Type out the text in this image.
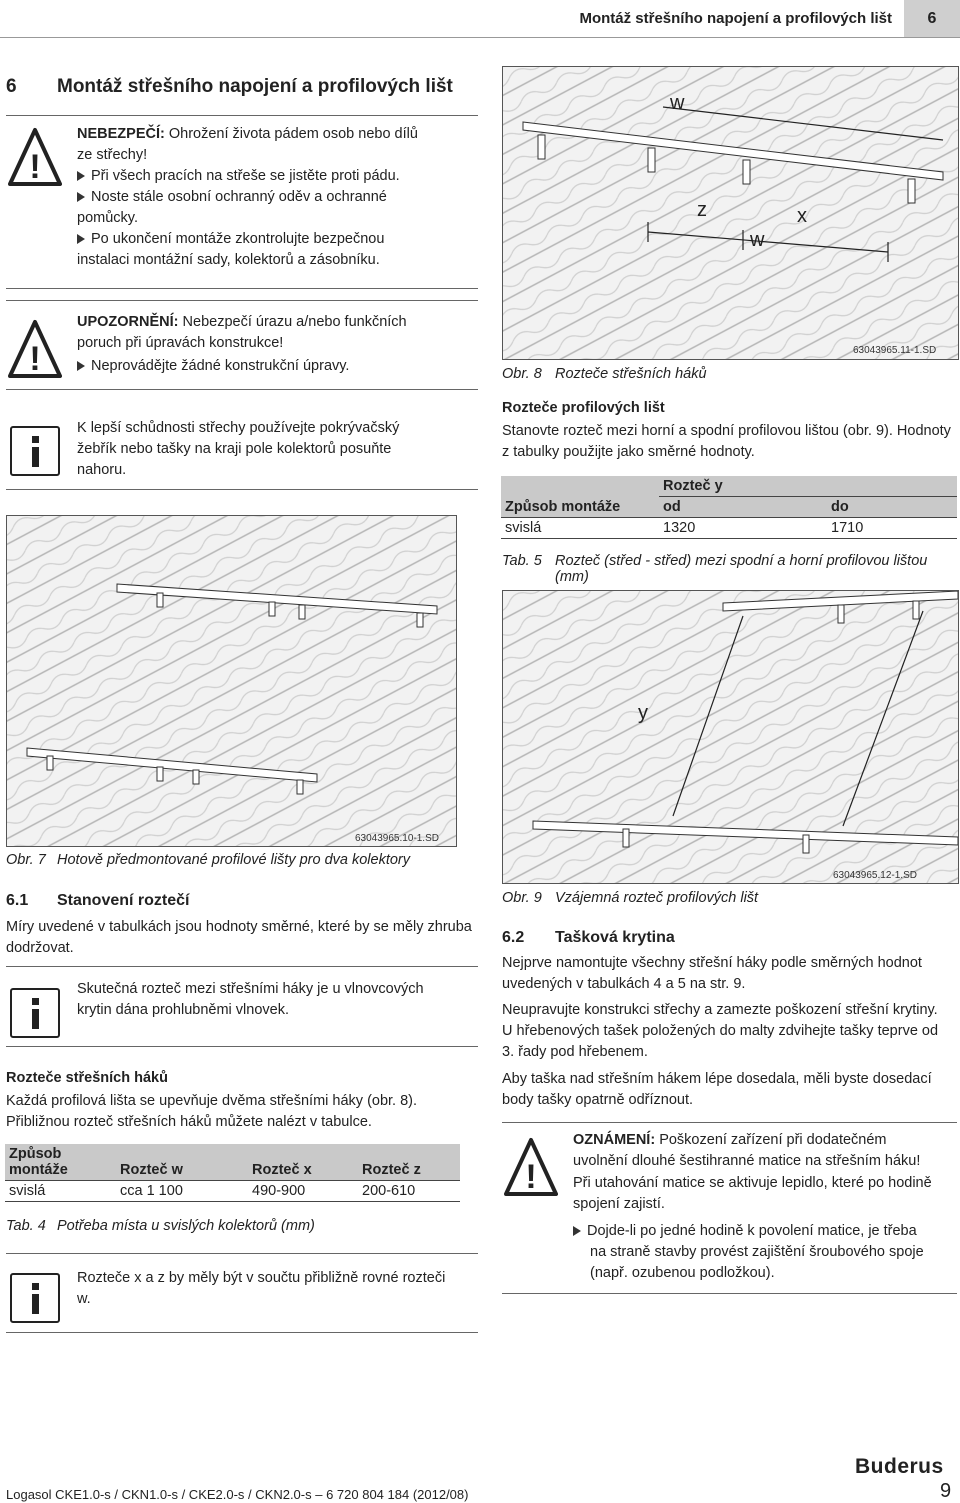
Montáž střešního napojení a profilových lišt	6
6 Montáž střešního napojení a profilových lišt
!
NEBEZPEČÍ: Ohrožení života pádem osob nebo dílů ze střechy!
Při všech pracích na střeše se jistěte proti pádu.
Noste stále osobní ochranný oděv a ochranné pomůcky.
Po ukončení montáže zkontrolujte bezpečnou instalaci montážní sady, kolektorů a zásobníku.
!
UPOZORNĚNÍ: Nebezpečí úrazu a/nebo funkčních poruch při úpravách konstrukce!
Neprovádějte žádné konstrukční úpravy.
K lepší schůdnosti střechy používejte pokrývačský žebřík nebo tašky na kraji pole kolektorů posuňte nahoru.
63043965.10-1.SD
Obr. 7 Hotově předmontované profilové lišty pro dva kolektory
6.1 Stanovení roztečí
Míry uvedené v tabulkách jsou hodnoty směrné, které by se měly zhruba dodržovat.
Skutečná rozteč mezi střešními háky je u vlnovcových krytin dána prohlubněmi vlnovek.
Rozteče střešních háků
Každá profilová lišta se upevňuje dvěma střešními háky (obr. 8). Přibližnou rozteč střešních háků můžete nalézt v tabulce.
Způsob montáže	Rozteč w	Rozteč x	Rozteč z
svislá	cca 1 100	490-900	200-610
Tab. 4 Potřeba místa u svislých kolektorů (mm)
Rozteče x a z by měly být v součtu přibližně rovné rozteči w.
w
z	x
w
63043965.11-1.SD
Obr. 8 Rozteče střešních háků
Rozteče profilových lišt
Stanovte rozteč mezi horní a spodní profilovou lištou (obr. 9). Hodnoty z tabulky použijte jako směrné hodnoty.
	Rozteč y	
Způsob montáže	od	do
svislá	1320	1710
Tab. 5 Rozteč (střed - střed) mezi spodní a horní profilovou lištou (mm)
y
63043965.12-1.SD
Obr. 9 Vzájemná rozteč profilových lišt
6.2 Tašková krytina
Nejprve namontujte všechny střešní háky podle směrných hodnot uvedených v tabulkách 4 a 5 na str. 9.
Neupravujte konstrukci střechy a zamezte poškození střešní krytiny. U hřebenových tašek položených do malty zdvihejte tašky teprve od 3. řady pod hřebenem.
Aby taška nad střešním hákem lépe dosedala, měli byste dosedací body tašky opatrně odříznout.
!
OZNÁMENÍ: Poškození zařízení při dodatečném uvolnění dlouhé šestihranné matice na střešním háku!
Při utahování matice se aktivuje lepidlo, které po hodině spojení zajistí.
Dojde-li po jedné hodině k povolení matice, je třeba na straně stavby provést zajištění šroubového spoje (např. ozubenou podložkou).
Logasol CKE1.0-s / CKN1.0-s / CKE2.0-s / CKN2.0-s – 6 720 804 184 (2012/08)
Buderus
9
